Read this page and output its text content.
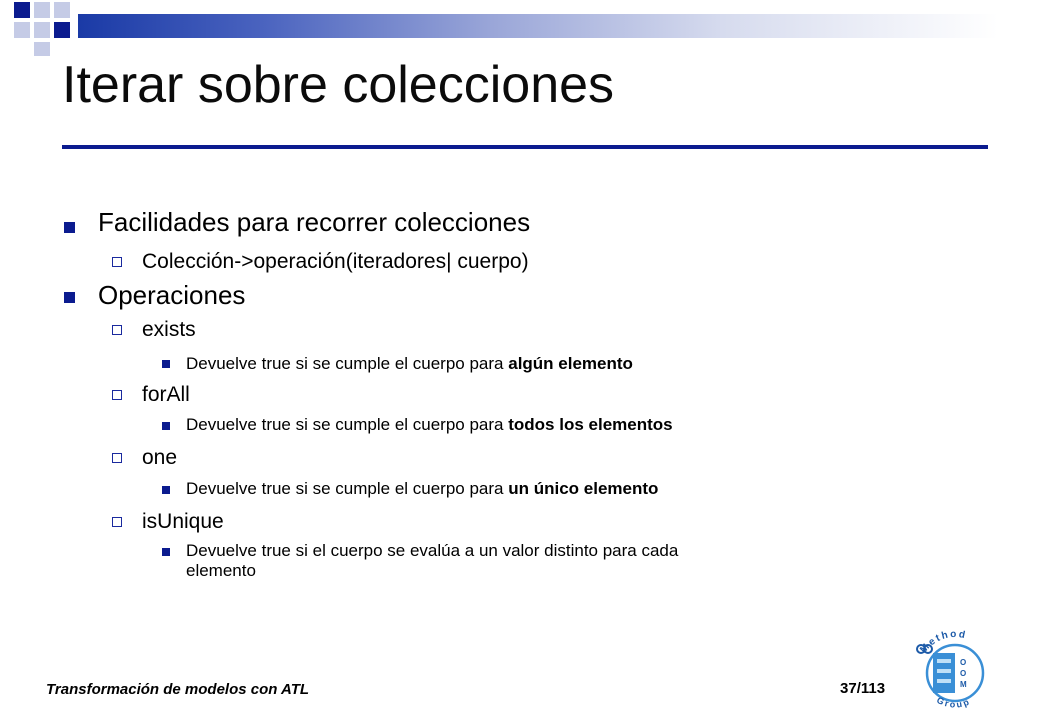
Iterar sobre colecciones
Facilidades para recorrer colecciones
Colección->operación(iteradores| cuerpo)
Operaciones
exists
Devuelve true si se cumple el cuerpo para algún elemento
forAll
Devuelve true si se cumple el cuerpo para todos los elementos
one
Devuelve true si se cumple el cuerpo para un único elemento
isUnique
Devuelve true si el cuerpo se evalúa a un valor distinto para cada
elemento
Transformación de modelos con ATL	37/113
O
O
M
Method
Group
